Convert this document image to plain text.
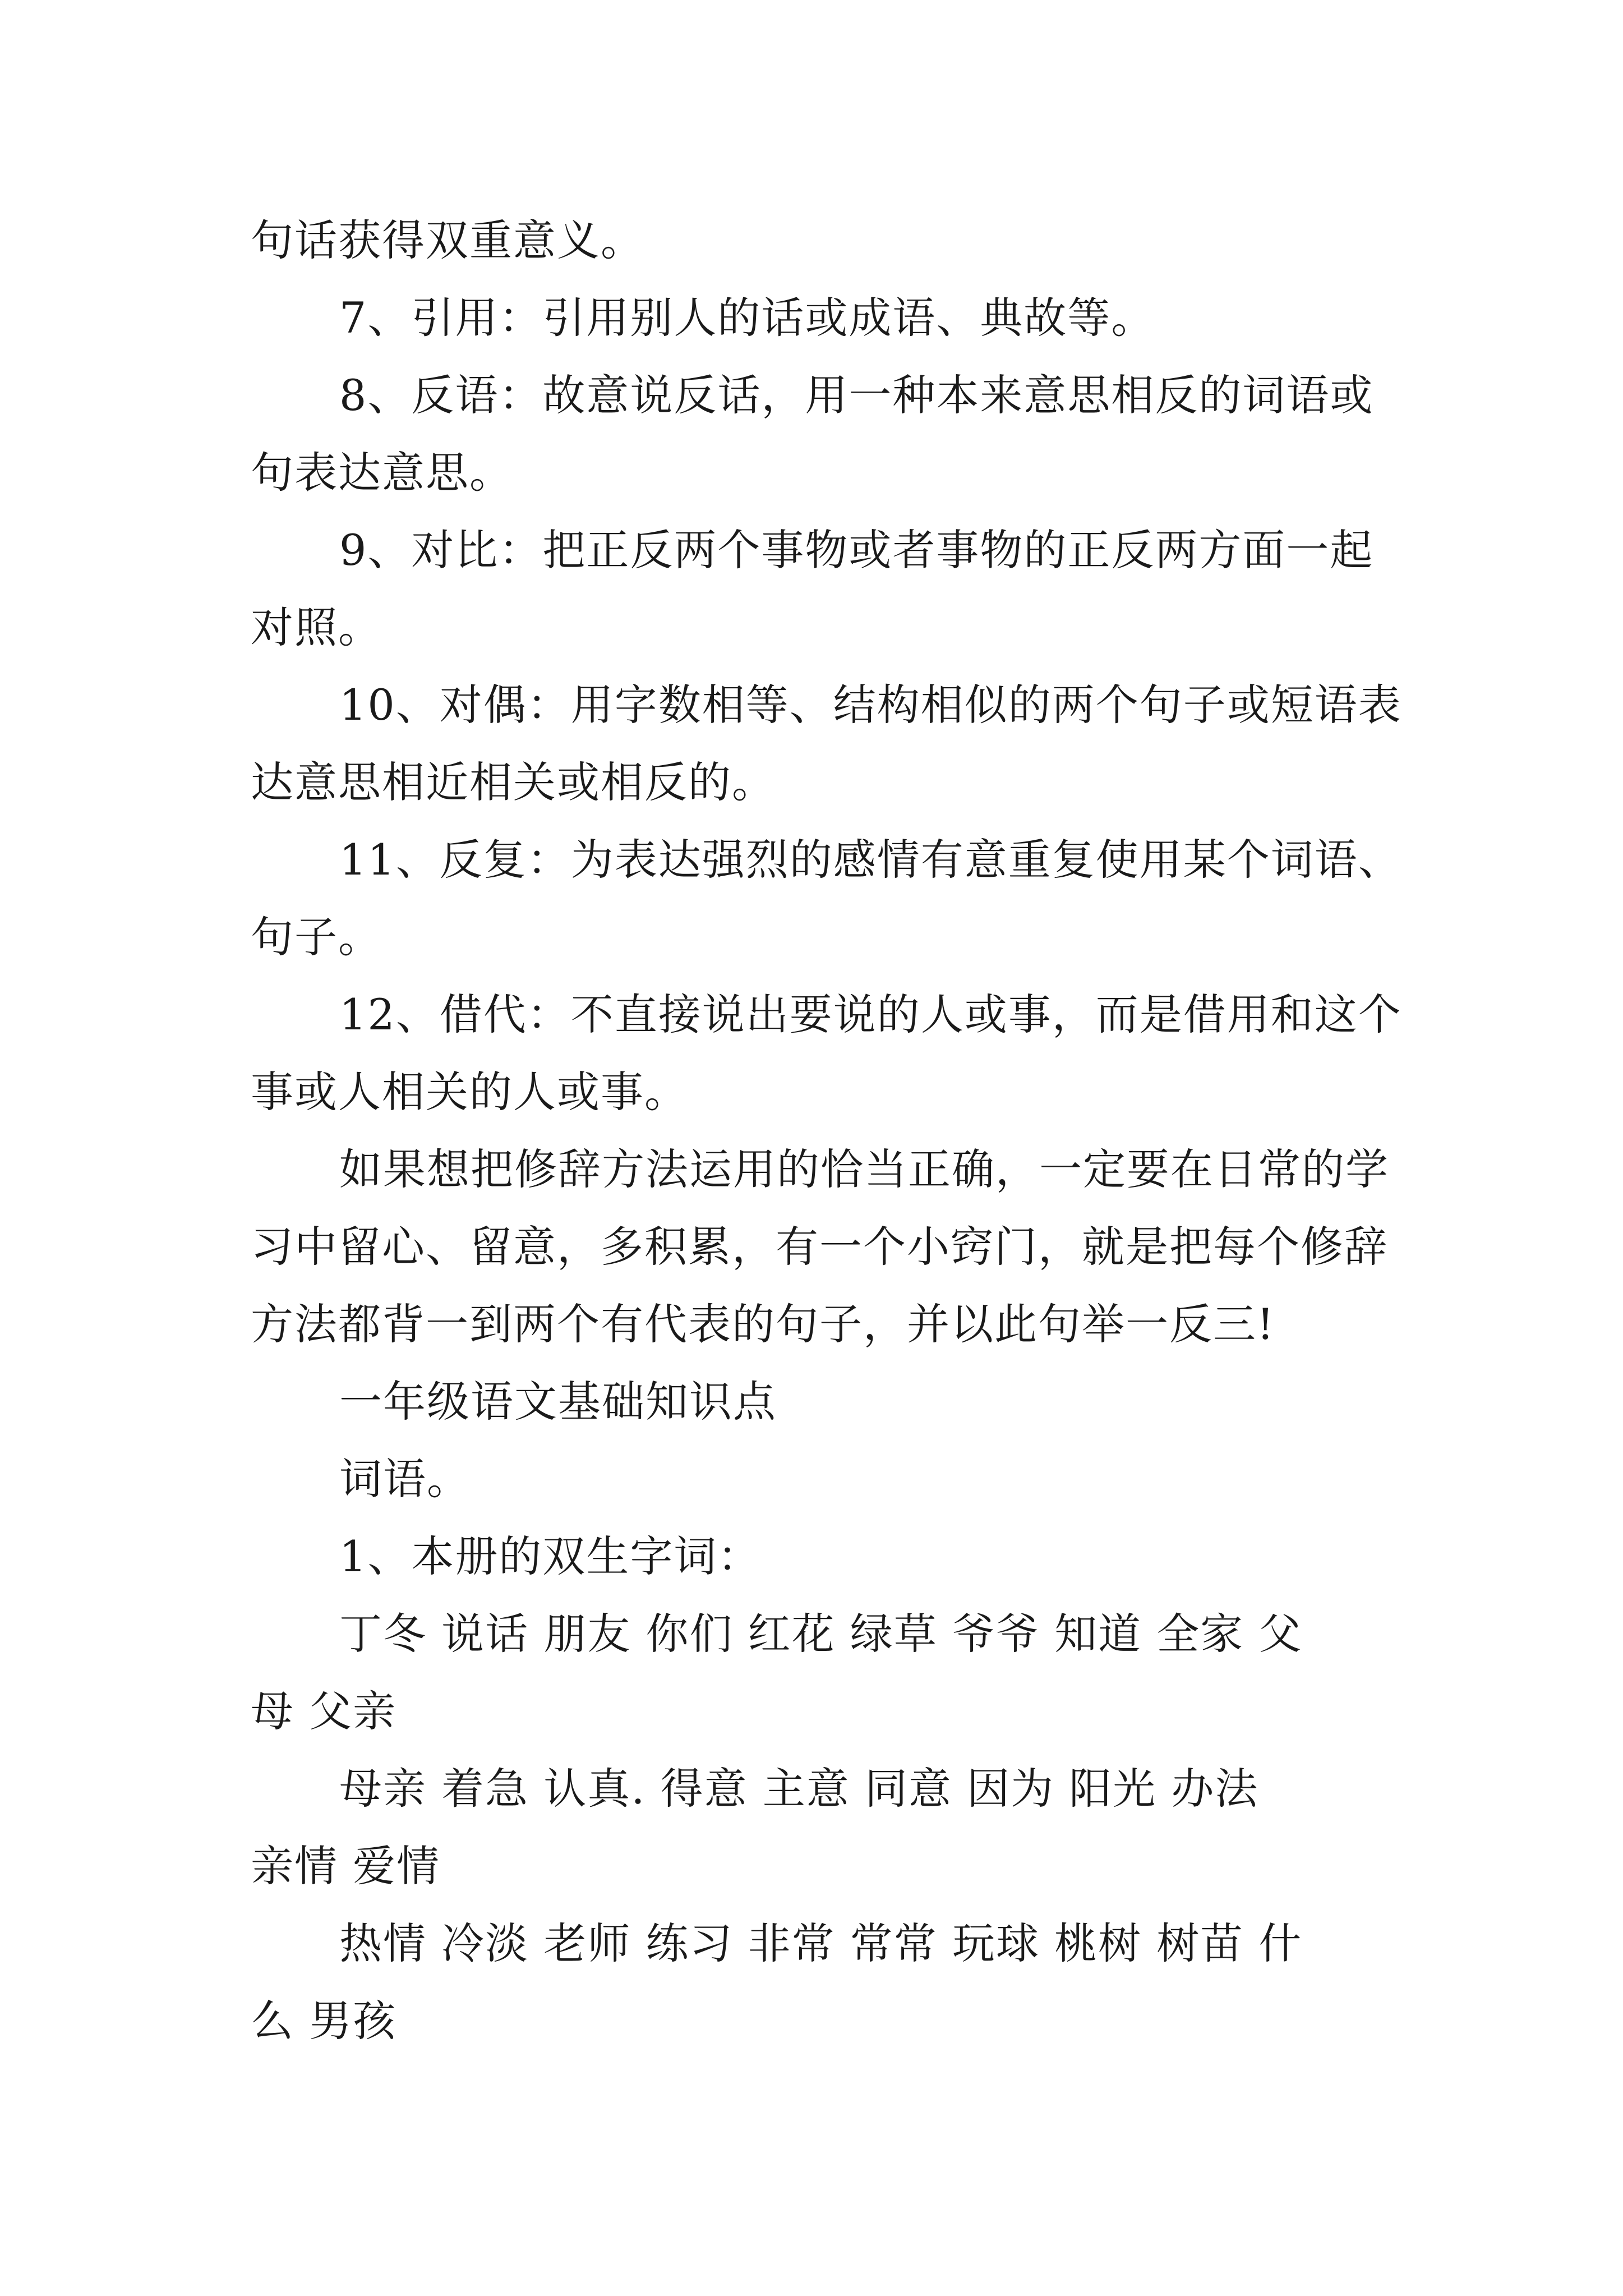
句话获得双重意义。
7、引用：引用别人的话或成语、典故等。
8、反语：故意说反话，用一种本来意思相反的词语或
句表达意思。
9、对比：把正反两个事物或者事物的正反两方面一起
对照。
10、对偶：用字数相等、结构相似的两个句子或短语表
达意思相近相关或相反的。
11、反复：为表达强烈的感情有意重复使用某个词语、
句子。
12、借代：不直接说出要说的人或事，而是借用和这个
事或人相关的人或事。
如果想把修辞方法运用的恰当正确，一定要在日常的学
习中留心、留意，多积累，有一个小窍门，就是把每个修辞
方法都背一到两个有代表的句子，并以此句举一反三!
一年级语文基础知识点
词语。
1、本册的双生字词：
丁冬 说话 朋友 你们 红花 绿草 爷爷 知道 全家 父
母 父亲
母亲 着急 认真. 得意 主意 同意 因为 阳光 办法
亲情 爱情
热情 冷淡 老师 练习 非常 常常 玩球 桃树 树苗 什
么 男孩
